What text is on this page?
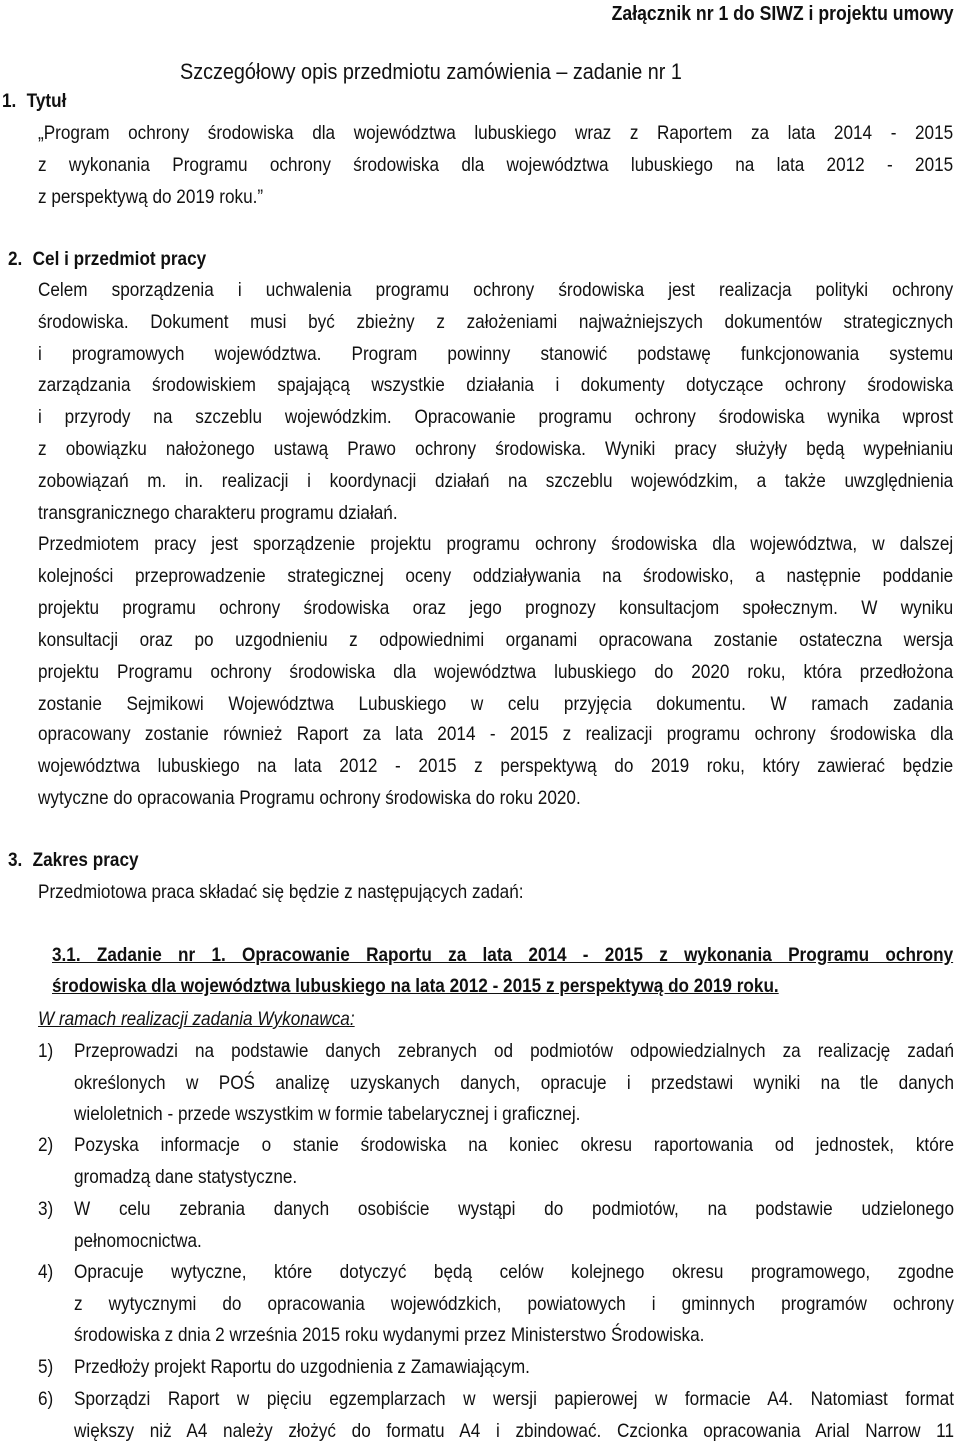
Załącznik nr 1 do SIWZ i projektu umowy
Szczegółowy opis przedmiotu zamówienia – zadanie nr 1
1. Tytuł
„Program ochrony środowiska dla województwa lubuskiego wraz z Raportem za lata 2014 - 2015
z wykonania Programu ochrony środowiska dla województwa lubuskiego na lata 2012 - 2015
z perspektywą do 2019 roku.”
2. Cel i przedmiot pracy
Celem sporządzenia i uchwalenia programu ochrony środowiska jest realizacja polityki ochrony
środowiska. Dokument musi być zbieżny z założeniami najważniejszych dokumentów strategicznych
i programowych województwa. Program powinny stanowić podstawę funkcjonowania systemu
zarządzania środowiskiem spajającą wszystkie działania i dokumenty dotyczące ochrony środowiska
i przyrody na szczeblu wojewódzkim. Opracowanie programu ochrony środowiska wynika wprost
z obowiązku nałożonego ustawą Prawo ochrony środowiska. Wyniki pracy służyły będą wypełnianiu
zobowiązań m. in. realizacji i koordynacji działań na szczeblu wojewódzkim, a także uwzględnienia
transgranicznego charakteru programu działań.
Przedmiotem pracy jest sporządzenie projektu programu ochrony środowiska dla województwa, w dalszej
kolejności przeprowadzenie strategicznej oceny oddziaływania na środowisko, a następnie poddanie
projektu programu ochrony środowiska oraz jego prognozy konsultacjom społecznym. W wyniku
konsultacji oraz po uzgodnieniu z odpowiednimi organami opracowana zostanie ostateczna wersja
projektu Programu ochrony środowiska dla województwa lubuskiego do 2020 roku, która przedłożona
zostanie Sejmikowi Województwa Lubuskiego w celu przyjęcia dokumentu. W ramach zadania
opracowany zostanie również Raport za lata 2014 - 2015 z realizacji programu ochrony środowiska dla
województwa lubuskiego na lata 2012 - 2015 z perspektywą do 2019 roku, który zawierać będzie
wytyczne do opracowania Programu ochrony środowiska do roku 2020.
3. Zakres pracy
Przedmiotowa praca składać się będzie z następujących zadań:
3.1. Zadanie nr 1. Opracowanie Raportu za lata 2014 - 2015 z wykonania Programu ochrony
środowiska dla województwa lubuskiego na lata 2012 - 2015 z perspektywą do 2019 roku.
W ramach realizacji zadania Wykonawca:
1) Przeprowadzi na podstawie danych zebranych od podmiotów odpowiedzialnych za realizację zadań
określonych w POŚ analizę uzyskanych danych, opracuje i przedstawi wyniki na tle danych
wieloletnich - przede wszystkim w formie tabelarycznej i graficznej.
2) Pozyska informacje o stanie środowiska na koniec okresu raportowania od jednostek, które
gromadzą dane statystyczne.
3) W celu zebrania danych osobiście wystąpi do podmiotów, na podstawie udzielonego
pełnomocnictwa.
4) Opracuje wytyczne, które dotyczyć będą celów kolejnego okresu programowego, zgodne
z wytycznymi do opracowania wojewódzkich, powiatowych i gminnych programów ochrony
środowiska z dnia 2 września 2015 roku wydanymi przez Ministerstwo Środowiska.
5) Przedłoży projekt Raportu do uzgodnienia z Zamawiającym.
6) Sporządzi Raport w pięciu egzemplarzach w wersji papierowej w formacie A4. Natomiast format
większy niż A4 należy złożyć do formatu A4 i zbindować. Czcionka opracowania Arial Narrow 11
